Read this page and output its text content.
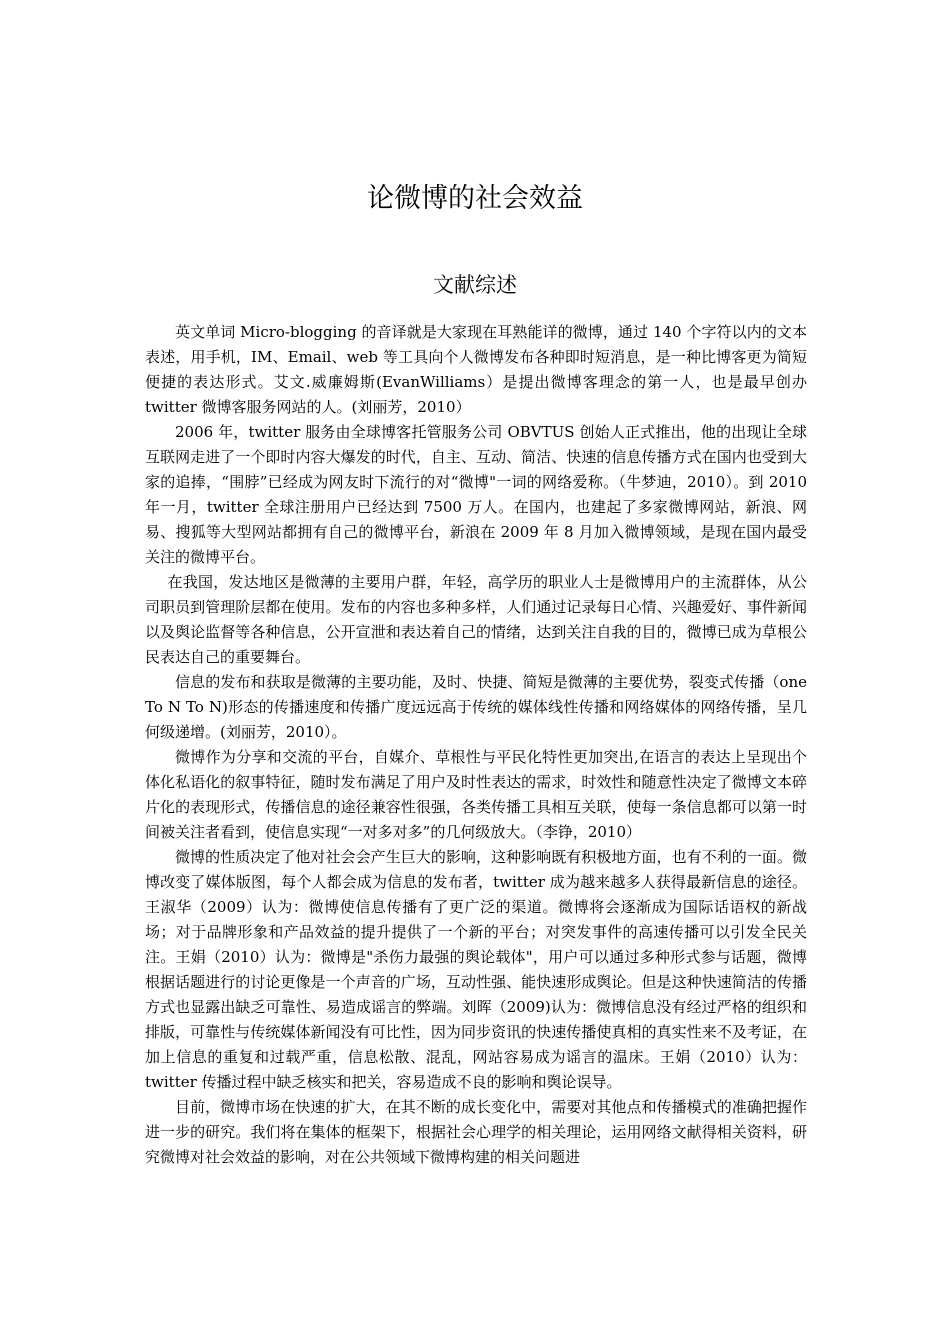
论微博的社会效益
文献综述

英文单词 Micro-blogging 的音译就是大家现在耳熟能详的微博，通过 140 个字符以内的文本表述，用手机，IM、Email、web 等工具向个人微博发布各种即时短消息，是一种比博客更为简短便捷的表达形式。艾文.威廉姆斯(EvanWilliams）是提出微博客理念的第一人，也是最早创办 twitter 微博客服务网站的人。(刘丽芳，2010）

2006 年，twitter 服务由全球博客托管服务公司 OBVTUS 创始人正式推出，他的出现让全球互联网走进了一个即时内容大爆发的时代，自主、互动、简洁、快速的信息传播方式在国内也受到大家的追捧，“围脖”已经成为网友时下流行的对“微博"一词的网络爱称。（牛梦迪，2010）。到 2010 年一月，twitter 全球注册用户已经达到 7500 万人。在国内，也建起了多家微博网站，新浪、网易、搜狐等大型网站都拥有自己的微博平台，新浪在 2009 年 8 月加入微博领域，是现在国内最受关注的微博平台。

在我国，发达地区是微薄的主要用户群，年轻，高学历的职业人士是微博用户的主流群体，从公司职员到管理阶层都在使用。发布的内容也多种多样，人们通过记录每日心情、兴趣爱好、事件新闻以及舆论监督等各种信息，公开宣泄和表达着自己的情绪，达到关注自我的目的，微博已成为草根公民表达自己的重要舞台。

信息的发布和获取是微薄的主要功能，及时、快捷、简短是微薄的主要优势，裂变式传播（one To N To N)形态的传播速度和传播广度远远高于传统的媒体线性传播和网络媒体的网络传播，呈几何级递增。(刘丽芳，2010）。

微博作为分享和交流的平台，自媒介、草根性与平民化特性更加突出,在语言的表达上呈现出个体化私语化的叙事特征，随时发布满足了用户及时性表达的需求，时效性和随意性决定了微博文本碎片化的表现形式，传播信息的途径兼容性很强，各类传播工具相互关联，使每一条信息都可以第一时间被关注者看到，使信息实现“一对多对多”的几何级放大。（李铮，2010）

微博的性质决定了他对社会会产生巨大的影响，这种影响既有积极地方面，也有不利的一面。微博改变了媒体版图，每个人都会成为信息的发布者，twitter 成为越来越多人获得最新信息的途径。王淑华（2009）认为：微博使信息传播有了更广泛的渠道。微博将会逐渐成为国际话语权的新战场；对于品牌形象和产品效益的提升提供了一个新的平台；对突发事件的高速传播可以引发全民关注。王娟（2010）认为：微博是"杀伤力最强的舆论载体"，用户可以通过多种形式参与话题，微博根据话题进行的讨论更像是一个声音的广场，互动性强、能快速形成舆论。但是这种快速简洁的传播方式也显露出缺乏可靠性、易造成谣言的弊端。刘晖（2009)认为：微博信息没有经过严格的组织和排版，可靠性与传统媒体新闻没有可比性，因为同步资讯的快速传播使真相的真实性来不及考证，在加上信息的重复和过载严重，信息松散、混乱，网站容易成为谣言的温床。王娟（2010）认为：twitter 传播过程中缺乏核实和把关，容易造成不良的影响和舆论误导。

目前，微博市场在快速的扩大，在其不断的成长变化中，需要对其他点和传播模式的准确把握作进一步的研究。我们将在集体的框架下，根据社会心理学的相关理论，运用网络文献得相关资料，研究微博对社会效益的影响，对在公共领域下微博构建的相关问题进
